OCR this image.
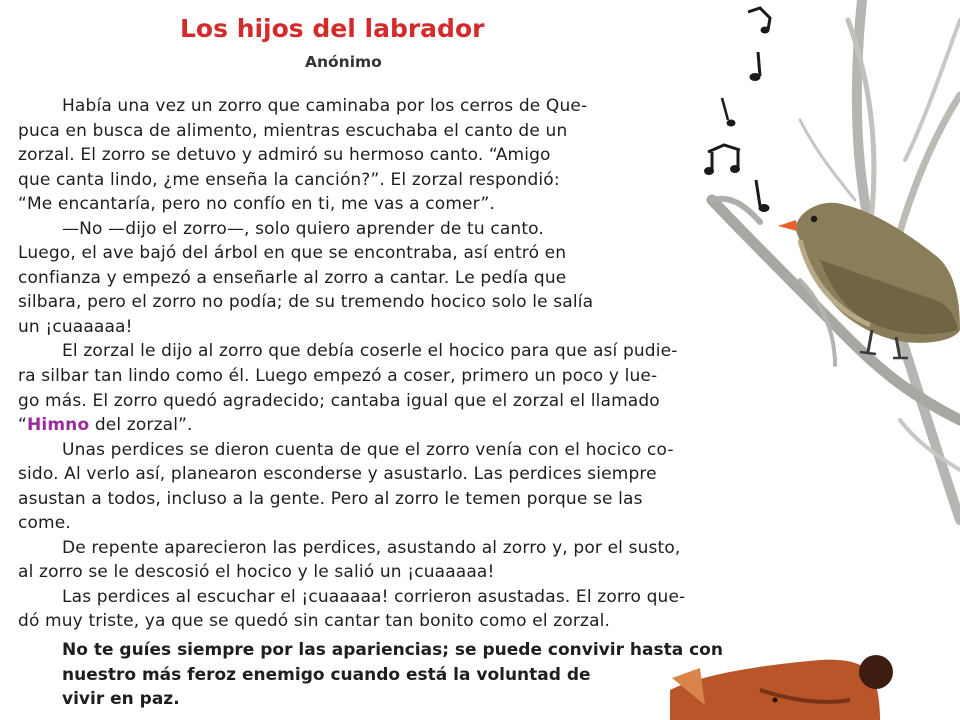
Los hijos del labrador
Anónimo

Había una vez un zorro que caminaba por los cerros de Que-
puca en busca de alimento, mientras escuchaba el canto de un
zorzal. El zorro se detuvo y admiró su hermoso canto. “Amigo
que canta lindo, ¿me enseña la canción?”. El zorzal respondió:
“Me encantaría, pero no confío en ti, me vas a comer”.

—No —dijo el zorro—, solo quiero aprender de tu canto.
Luego, el ave bajó del árbol en que se encontraba, así entró en
confianza y empezó a enseñarle al zorro a cantar. Le pedía que
silbara, pero el zorro no podía; de su tremendo hocico solo le salía
un ¡cuaaaaa!

El zorzal le dijo al zorro que debía coserle el hocico para que así pudie-
ra silbar tan lindo como él. Luego empezó a coser, primero un poco y lue-
go más. El zorro quedó agradecido; cantaba igual que el zorzal el llamado
“Himno del zorzal”.

Unas perdices se dieron cuenta de que el zorro venía con el hocico co-
sido. Al verlo así, planearon esconderse y asustarlo. Las perdices siempre
asustan a todos, incluso a la gente. Pero al zorro le temen porque se las
come.

De repente aparecieron las perdices, asustando al zorro y, por el susto,
al zorro se le descosió el hocico y le salió un ¡cuaaaaa!

Las perdices al escuchar el ¡cuaaaaa! corrieron asustadas. El zorro que-
dó muy triste, ya que se quedó sin cantar tan bonito como el zorzal.

No te guíes siempre por las apariencias; se puede convivir hasta con
nuestro más feroz enemigo cuando está la voluntad de
vivir en paz.
